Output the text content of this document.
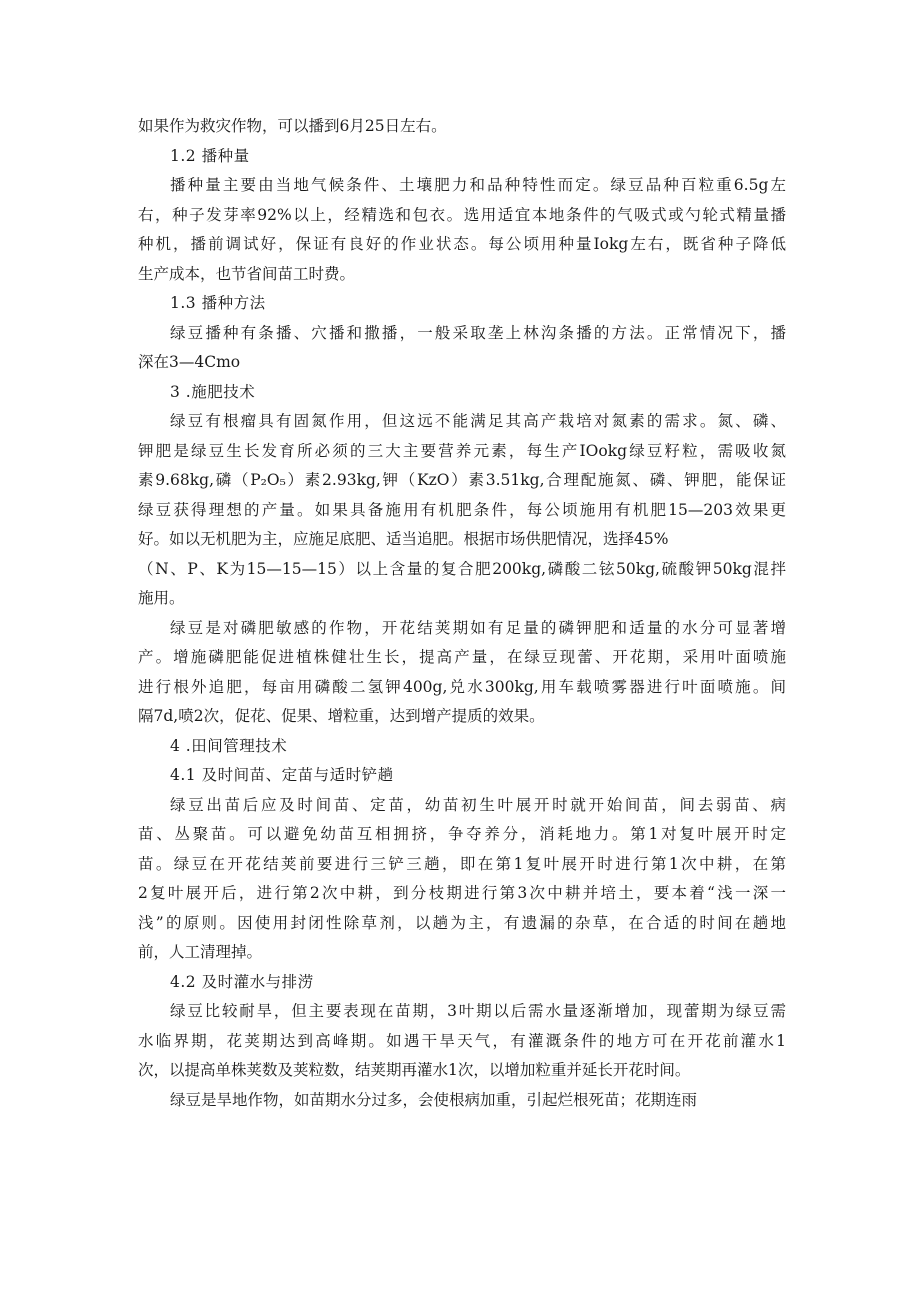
如果作为救灾作物，可以播到6月25日左右。
1.2 播种量
播种量主要由当地气候条件、土壤肥力和品种特性而定。绿豆品种百粒重6.5g左
右，种子发芽率92%以上，经精选和包衣。选用适宜本地条件的气吸式或勺轮式精量播
种机，播前调试好，保证有良好的作业状态。每公顷用种量Iokg左右，既省种子降低
生产成本，也节省间苗工时费。
1.3 播种方法
绿豆播种有条播、穴播和撒播，一般采取垄上林沟条播的方法。正常情况下，播
深在3—4Cmo
3 .施肥技术
绿豆有根瘤具有固氮作用，但这远不能满足其高产栽培对氮素的需求。氮、磷、
钾肥是绿豆生长发育所必须的三大主要营养元素，每生产IOokg绿豆籽粒，需吸收氮
素9.68kg,磷（P₂O₅）素2.93kg,钾（KzO）素3.51kg,合理配施氮、磷、钾肥，能保证
绿豆获得理想的产量。如果具备施用有机肥条件，每公顷施用有机肥15—203效果更
好。如以无机肥为主，应施足底肥、适当追肥。根据市场供肥情况，选择45%
（N、P、K为15—15—15）以上含量的复合肥200kg,磷酸二铉50kg,硫酸钾50kg混拌
施用。
绿豆是对磷肥敏感的作物，开花结荚期如有足量的磷钾肥和适量的水分可显著增
产。增施磷肥能促进植株健壮生长，提高产量，在绿豆现蕾、开花期，采用叶面喷施
进行根外追肥，每亩用磷酸二氢钾400g,兑水300kg,用车载喷雾器进行叶面喷施。间
隔7d,喷2次，促花、促果、增粒重，达到增产提质的效果。
4 .田间管理技术
4.1 及时间苗、定苗与适时铲趟
绿豆出苗后应及时间苗、定苗，幼苗初生叶展开时就开始间苗，间去弱苗、病
苗、丛聚苗。可以避免幼苗互相拥挤，争夺养分，消耗地力。第1对复叶展开时定
苗。绿豆在开花结荚前要进行三铲三趟，即在第1复叶展开时进行第1次中耕，在第
2复叶展开后，进行第2次中耕，到分枝期进行第3次中耕并培土，要本着“浅一深一
浅”的原则。因使用封闭性除草剂，以趟为主，有遗漏的杂草，在合适的时间在趟地
前，人工清理掉。
4.2 及时灌水与排涝
绿豆比较耐旱，但主要表现在苗期，3叶期以后需水量逐渐增加，现蕾期为绿豆需
水临界期，花荚期达到高峰期。如遇干旱天气，有灌溉条件的地方可在开花前灌水1
次，以提高单株荚数及荚粒数，结荚期再灌水1次，以增加粒重并延长开花时间。
绿豆是旱地作物，如苗期水分过多，会使根病加重，引起烂根死苗；花期连雨
